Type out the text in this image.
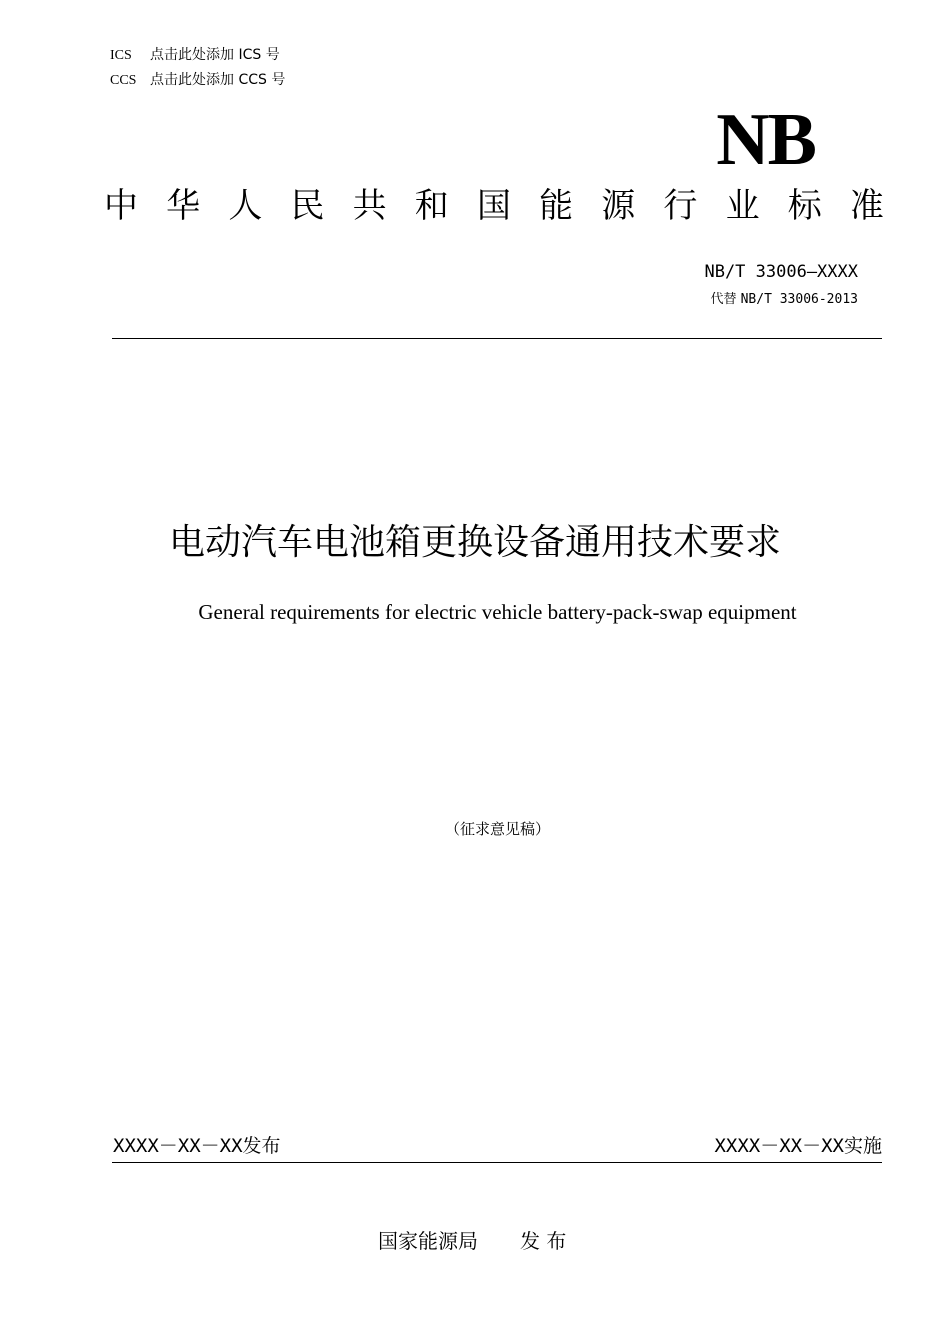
ICS 点击此处添加 ICS 号
CCS 点击此处添加 CCS 号
NB
中 华 人 民 共 和 国 能 源 行 业 标 准
NB/T 33006—XXXX
代替 NB/T 33006-2013
电动汽车电池箱更换设备通用技术要求
General requirements for electric vehicle battery-pack-swap equipment
（征求意见稿）
XXXX－XX－XX发布	XXXX－XX－XX实施
国家能源局 发 布
